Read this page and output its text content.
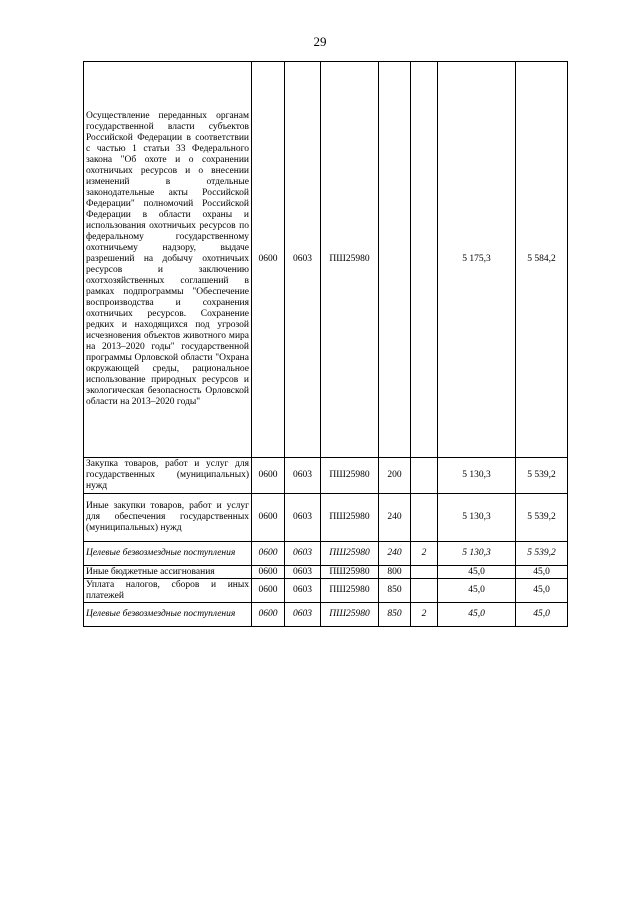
29
Осуществление переданных органам государственной власти субъектов Российской Федерации в соответствии с частью 1 статьи 33 Федерального закона "Об охоте и о сохранении охотничьих ресурсов и о внесении изменений в отдельные законодательные акты Российской Федерации" полномочий Российской Федерации в области охраны и использования охотничьих ресурсов по федеральному государственному охотничьему надзору, выдаче разрешений на добычу охотничьих ресурсов и заключению охотхозяйственных соглашений в рамках подпрограммы "Обеспечение воспроизводства и сохранения охотничьих ресурсов. Сохранение редких и находящихся под угрозой исчезновения объектов животного мира на 2013–2020 годы" государственной программы Орловской области "Охрана окружающей среды, рациональное использование природных ресурсов и экологическая безопасность Орловской области на 2013–2020 годы"	0600	0603	ПШ25980			5 175,3	5 584,2
Закупка товаров, работ и услуг для государственных (муниципальных) нужд	0600	0603	ПШ25980	200		5 130,3	5 539,2
Иные закупки товаров, работ и услуг для обеспечения государственных (муниципальных) нужд	0600	0603	ПШ25980	240		5 130,3	5 539,2
Целевые безвозмездные поступления	0600	0603	ПШ25980	240	2	5 130,3	5 539,2
Иные бюджетные ассигнования	0600	0603	ПШ25980	800		45,0	45,0
Уплата налогов, сборов и иных платежей	0600	0603	ПШ25980	850		45,0	45,0
Целевые безвозмездные поступления	0600	0603	ПШ25980	850	2	45,0	45,0
